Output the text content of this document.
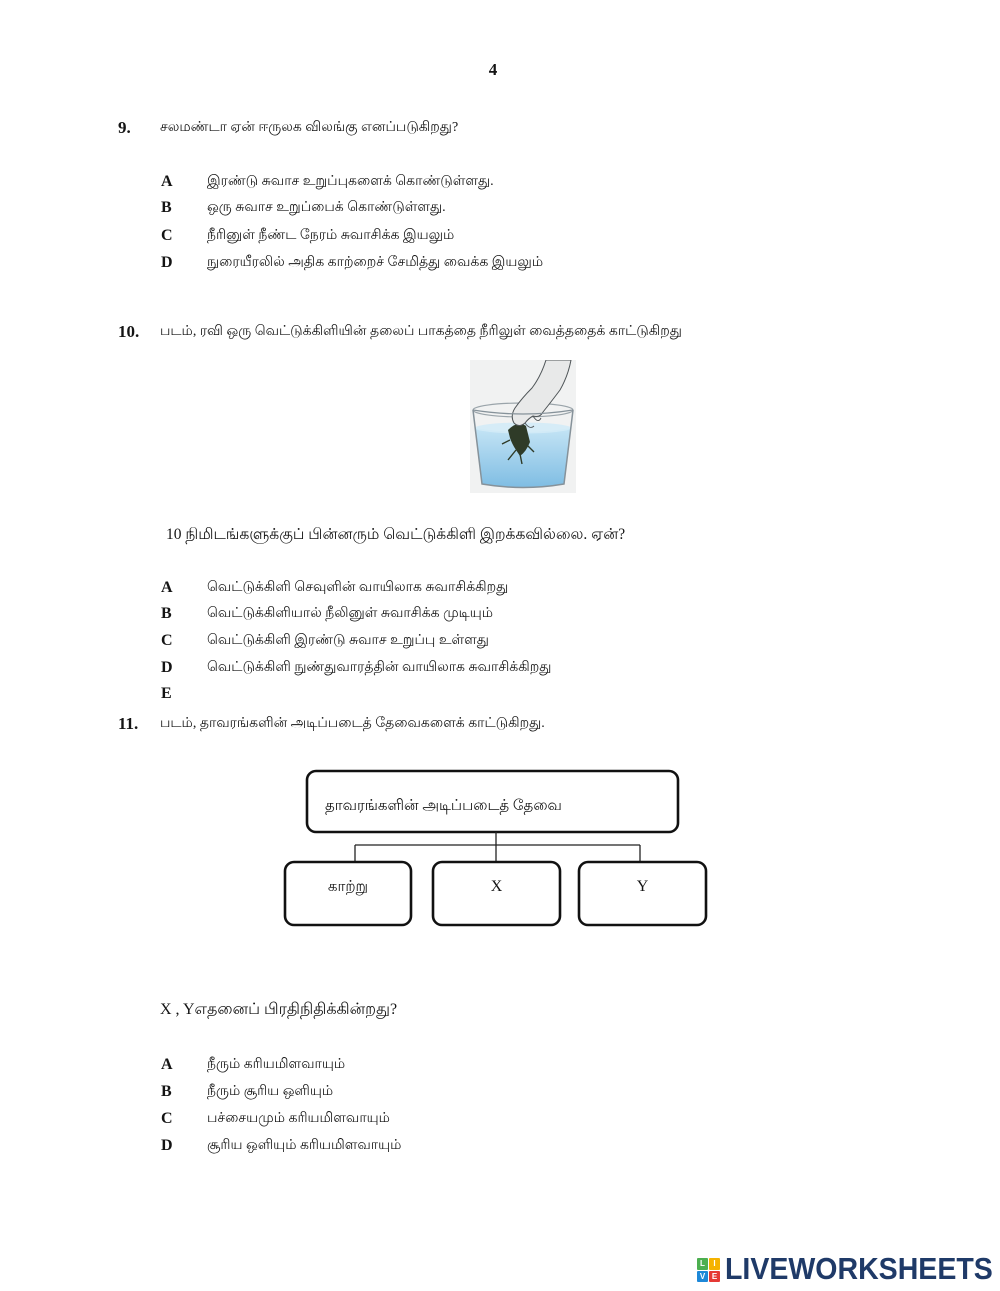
4
9. சலமண்டா ஏன் ஈருலக விலங்கு எனப்படுகிறது?
A	இரண்டு சுவாச உறுப்புகளைக் கொண்டுள்ளது.
B	ஒரு சுவாச உறுப்பைக் கொண்டுள்ளது.
C	நீரினுள் நீண்ட நேரம் சுவாசிக்க இயலும்
D	நுரையீரலில் அதிக காற்றைச் சேமித்து வைக்க இயலும்
10. படம், ரவி ஒரு வெட்டுக்கிளியின் தலைப் பாகத்தை நீரிலுள் வைத்ததைக் காட்டுகிறது
10 நிமிடங்களுக்குப் பின்னரும் வெட்டுக்கிளி இறக்கவில்லை. ஏன்?
A	வெட்டுக்கிளி செவுளின் வாயிலாக சுவாசிக்கிறது
B	வெட்டுக்கிளியால் நீலினுள் சுவாசிக்க முடியும்
C	வெட்டுக்கிளி இரண்டு சுவாச உறுப்பு உள்ளது
D	வெட்டுக்கிளி நுண்துவாரத்தின் வாயிலாக சுவாசிக்கிறது
E
11. படம், தாவரங்களின் அடிப்படைத் தேவைகளைக் காட்டுகிறது.
தாவரங்களின் அடிப்படைத் தேவை
காற்று	X	Y
X , Yஎதனைப் பிரதிநிதிக்கின்றது?
A	நீரும் கரியமிளவாயும்
B	நீரும் சூரிய ஒளியும்
C	பச்சையமும் கரியமிளவாயும்
D	சூரிய ஒளியும் கரியமிளவாயும்
L	I
V E LIVEWORKSHEETS
